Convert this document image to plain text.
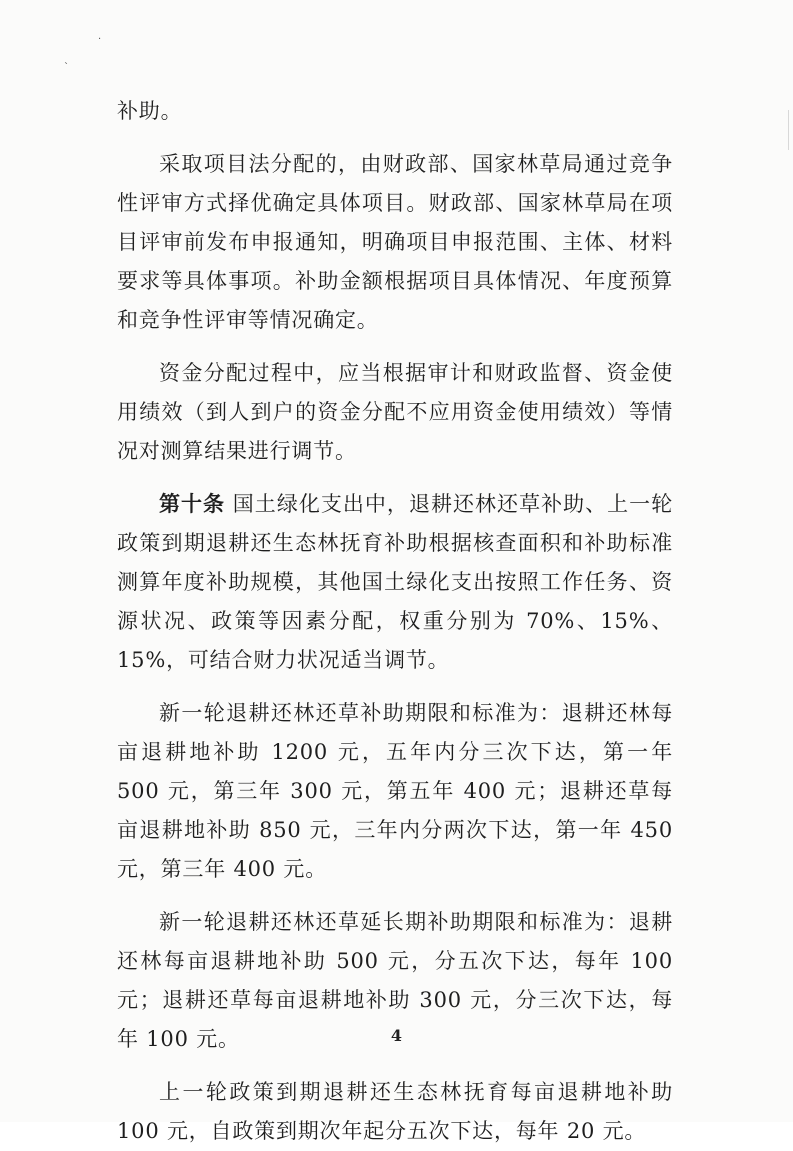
·
ˋ

补助。

采取项目法分配的，由财政部、国家林草局通过竞争性评审方式择优确定具体项目。财政部、国家林草局在项目评审前发布申报通知，明确项目申报范围、主体、材料要求等具体事项。补助金额根据项目具体情况、年度预算和竞争性评审等情况确定。

资金分配过程中，应当根据审计和财政监督、资金使用绩效（到人到户的资金分配不应用资金使用绩效）等情况对测算结果进行调节。

第十条 国土绿化支出中，退耕还林还草补助、上一轮政策到期退耕还生态林抚育补助根据核查面积和补助标准测算年度补助规模，其他国土绿化支出按照工作任务、资源状况、政策等因素分配，权重分别为 70%、15%、15%，可结合财力状况适当调节。

新一轮退耕还林还草补助期限和标准为：退耕还林每亩退耕地补助 1200 元，五年内分三次下达，第一年 500 元，第三年 300 元，第五年 400 元；退耕还草每亩退耕地补助 850 元，三年内分两次下达，第一年 450 元，第三年 400 元。

新一轮退耕还林还草延长期补助期限和标准为：退耕还林每亩退耕地补助 500 元，分五次下达，每年 100 元；退耕还草每亩退耕地补助 300 元，分三次下达，每年 100 元。

上一轮政策到期退耕还生态林抚育每亩退耕地补助 100 元，自政策到期次年起分五次下达，每年 20 元。

4
